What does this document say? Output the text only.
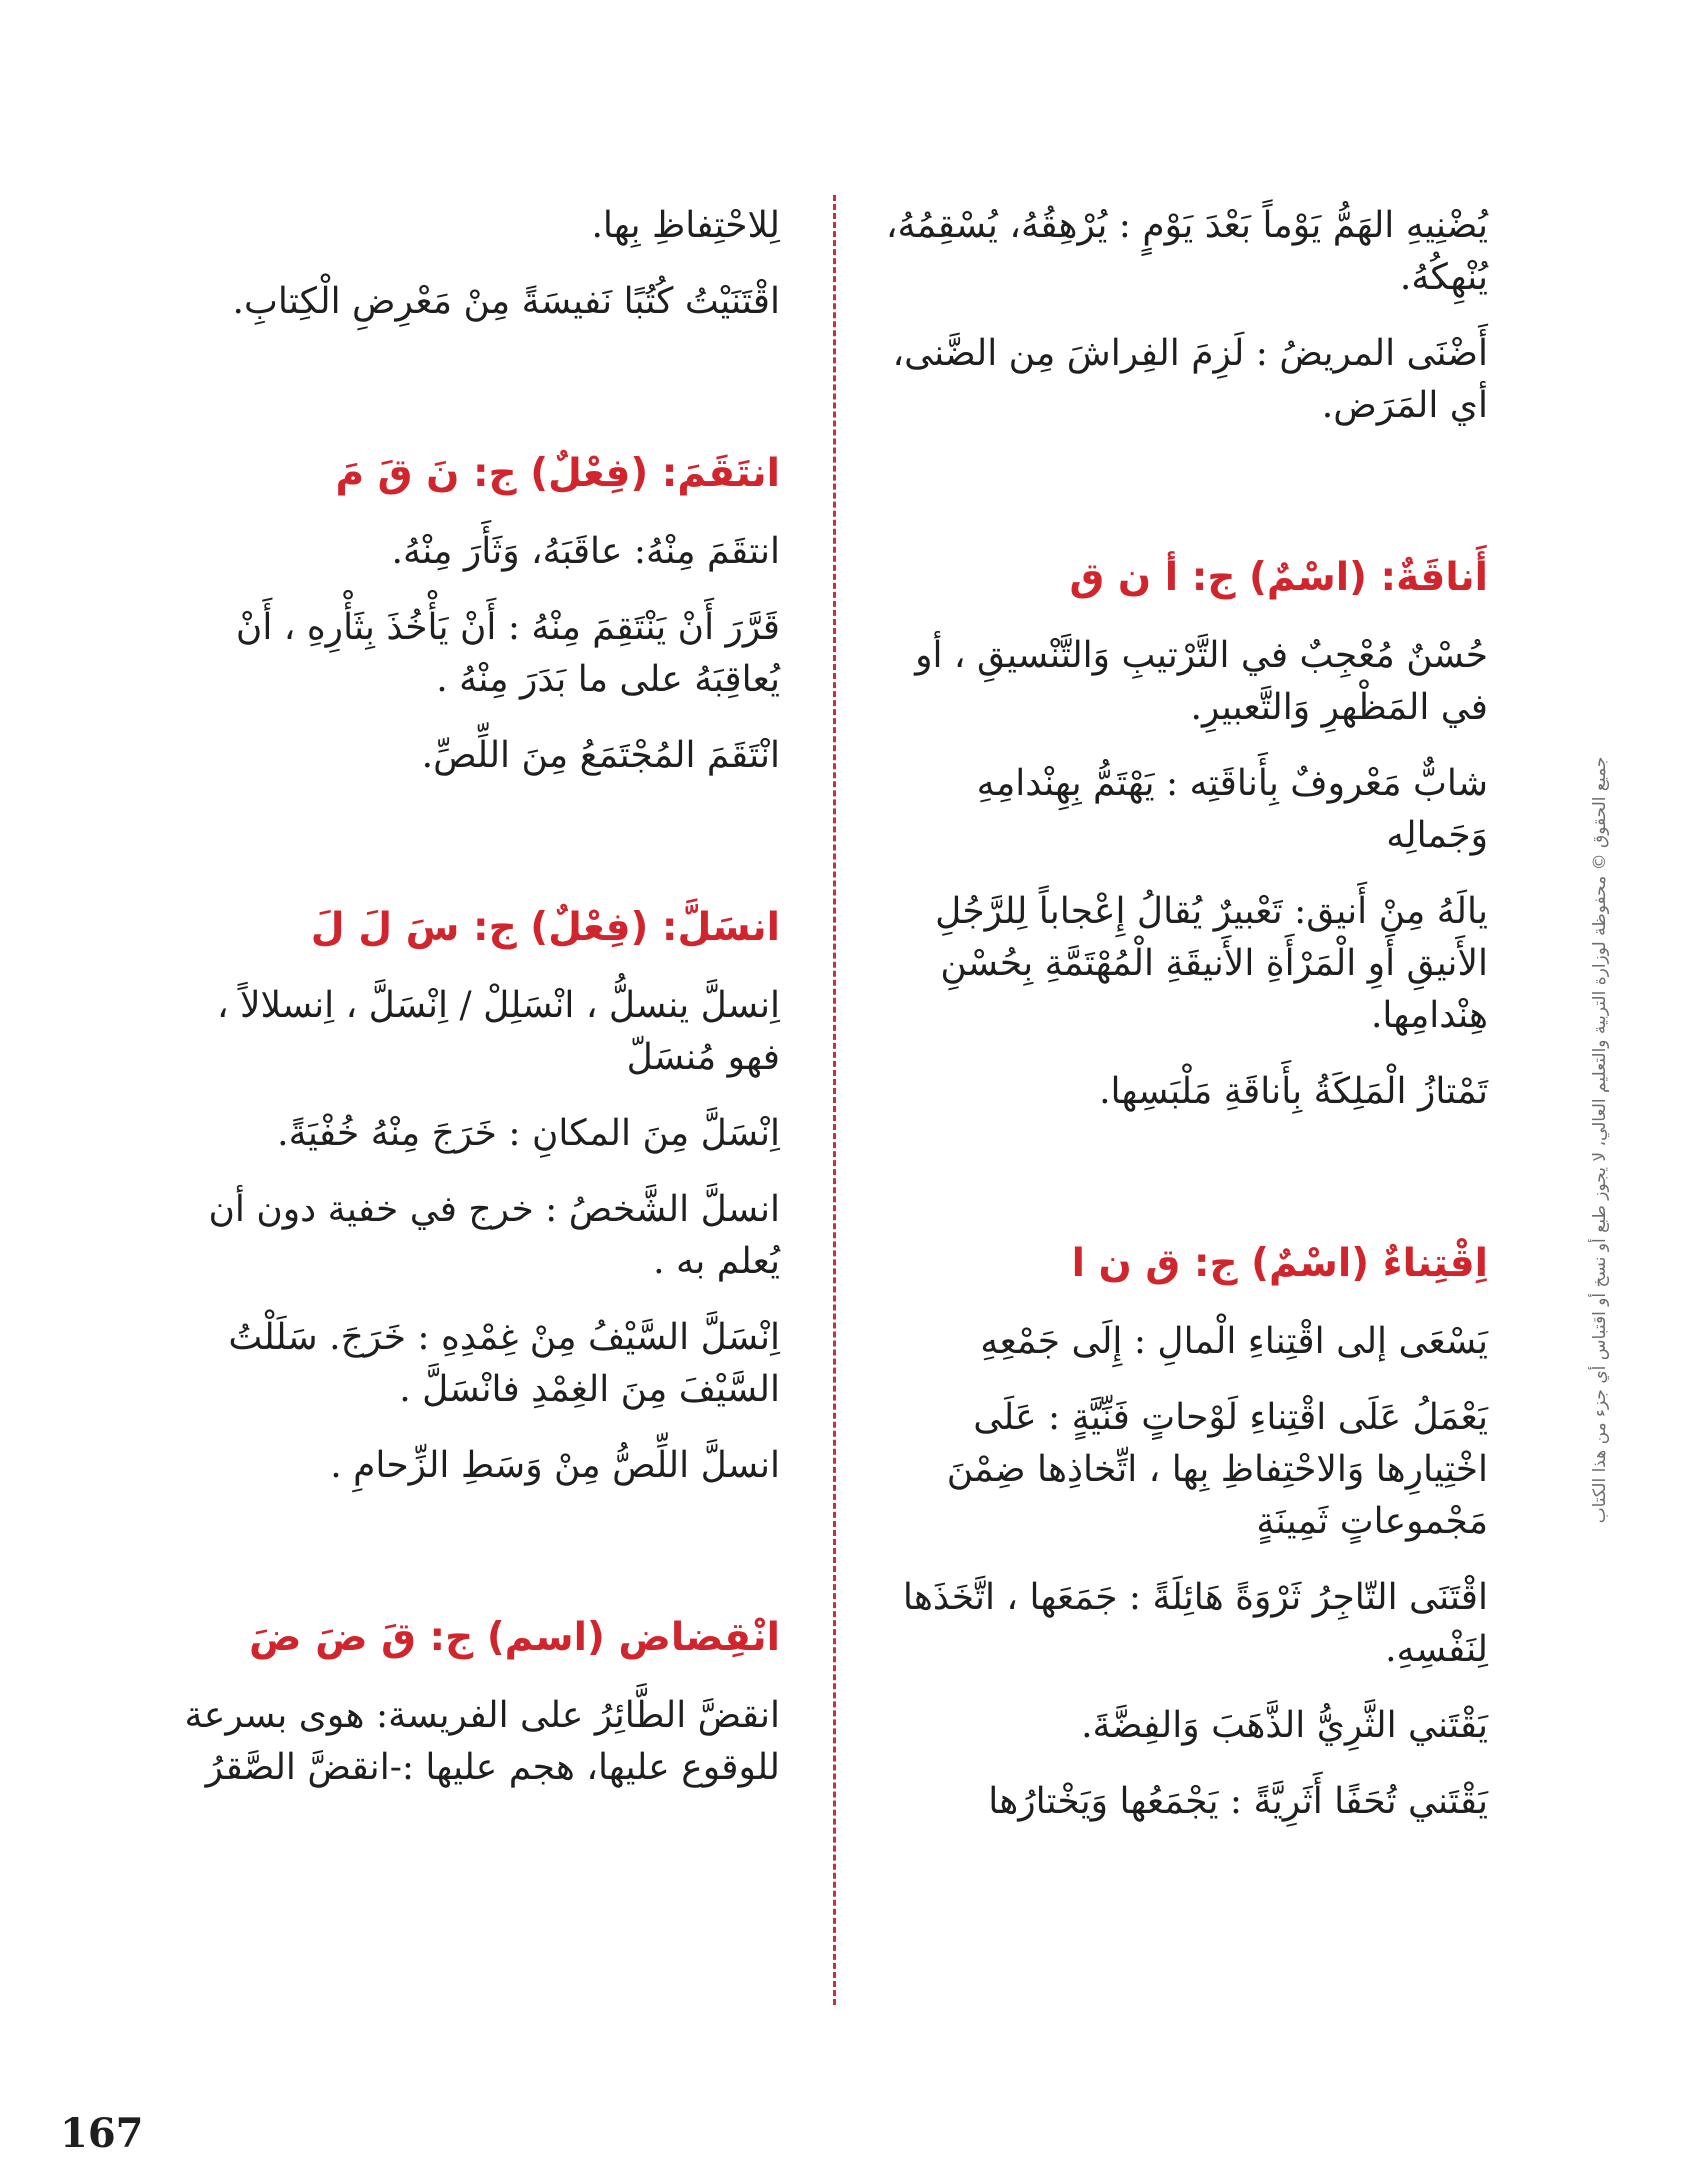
يُضْنِيهِ الهَمُّ يَوْماً بَعْدَ يَوْمٍ : يُرْهِقُهُ، يُسْقِمُهُ، يُنْهِكُهُ.

أَضْنَى المريضُ : لَزِمَ الفِراشَ مِن الضَّنى، أي المَرَض.

أَناقَةٌ: (اسْمٌ) ج: أ ن ق

حُسْنٌ مُعْجِبٌ في التَّرْتيبِ وَالتَّنْسيقِ ، أو في المَظْهرِ وَالتَّعبيرِ.

شابٌّ مَعْروفٌ بِأَناقَتِه : يَهْتَمُّ بِهِنْدامِهِ وَجَمالِه

يالَهُ مِنْ أَنيق: تَعْبيرٌ يُقالُ إِعْجاباً لِلرَّجُلِ الأَنيقِ أَوِ الْمَرْأَةِ الأَنيقَةِ الْمُهْتَمَّةِ بِحُسْنِ هِنْدامِها.

تَمْتازُ الْمَلِكَةُ بِأَناقَةِ مَلْبَسِها.

اِقْتِناءٌ (اسْمٌ) ج: ق ن ا

يَسْعَى إلى اقْتِناءِ الْمالِ : إِلَى جَمْعِهِ

يَعْمَلُ عَلَى اقْتِناءِ لَوْحاتٍ فَنِّيَّةٍ : عَلَى اخْتِيارِها وَالاحْتِفاظِ بِها ، اتِّخاذِها ضِمْنَ مَجْموعاتٍ ثَمِينَةٍ

اقْتَنَى التّاجِرُ ثَرْوَةً هَائِلَةً : جَمَعَها ، اتَّخَذَها لِنَفْسِهِ.

يَقْتَني الثَّرِيُّ الذَّهَبَ وَالفِضَّةَ.

يَقْتَني تُحَفًا أَثَرِيَّةً : يَجْمَعُها وَيَخْتارُها

لِلاحْتِفاظِ بِها.

اقْتَنَيْتُ كُتُبًا نَفيسَةً مِنْ مَعْرِضِ الْكِتابِ.

انتَقَمَ: (فِعْلٌ) ج: نَ قَ مَ

انتقَمَ مِنْهُ: عاقَبَهُ، وَثَأَرَ مِنْهُ.

قَرَّرَ أَنْ يَنْتَقِمَ مِنْهُ : أَنْ يَأْخُذَ بِثَأْرِهِ ، أَنْ يُعاقِبَهُ على ما بَدَرَ مِنْهُ .

انْتَقَمَ المُجْتَمَعُ مِنَ اللِّصِّ.

انسَلَّ: (فِعْلٌ) ج: سَ لَ لَ

اِنسلَّ ينسلُّ ، انْسَلِلْ / اِنْسَلَّ ، اِنسلالاً ، فهو مُنسَلّ

اِنْسَلَّ مِنَ المكانِ : خَرَجَ مِنْهُ خُفْيَةً.

انسلَّ الشَّخصُ : خرج في خفية دون أن يُعلم به .

اِنْسَلَّ السَّيْفُ مِنْ غِمْدِهِ : خَرَجَ. سَلَلْتُ السَّيْفَ مِنَ الغِمْدِ فانْسَلَّ .

انسلَّ اللِّصُّ مِنْ وَسَطِ الزِّحامِ .

انْقِضاض (اسم) ج: قَ ضَ ضَ

انقضَّ الطَّائِرُ على الفريسة: هوى بسرعة للوقوع عليها، هجم عليها :-انقضَّ الصَّقرُ

جميع الحقوق © محفوظة لوزارة التربية والتعليم العالي، لا يجوز طبع أو نسخ أو اقتباس أي جزء من هذا الكتاب
167
